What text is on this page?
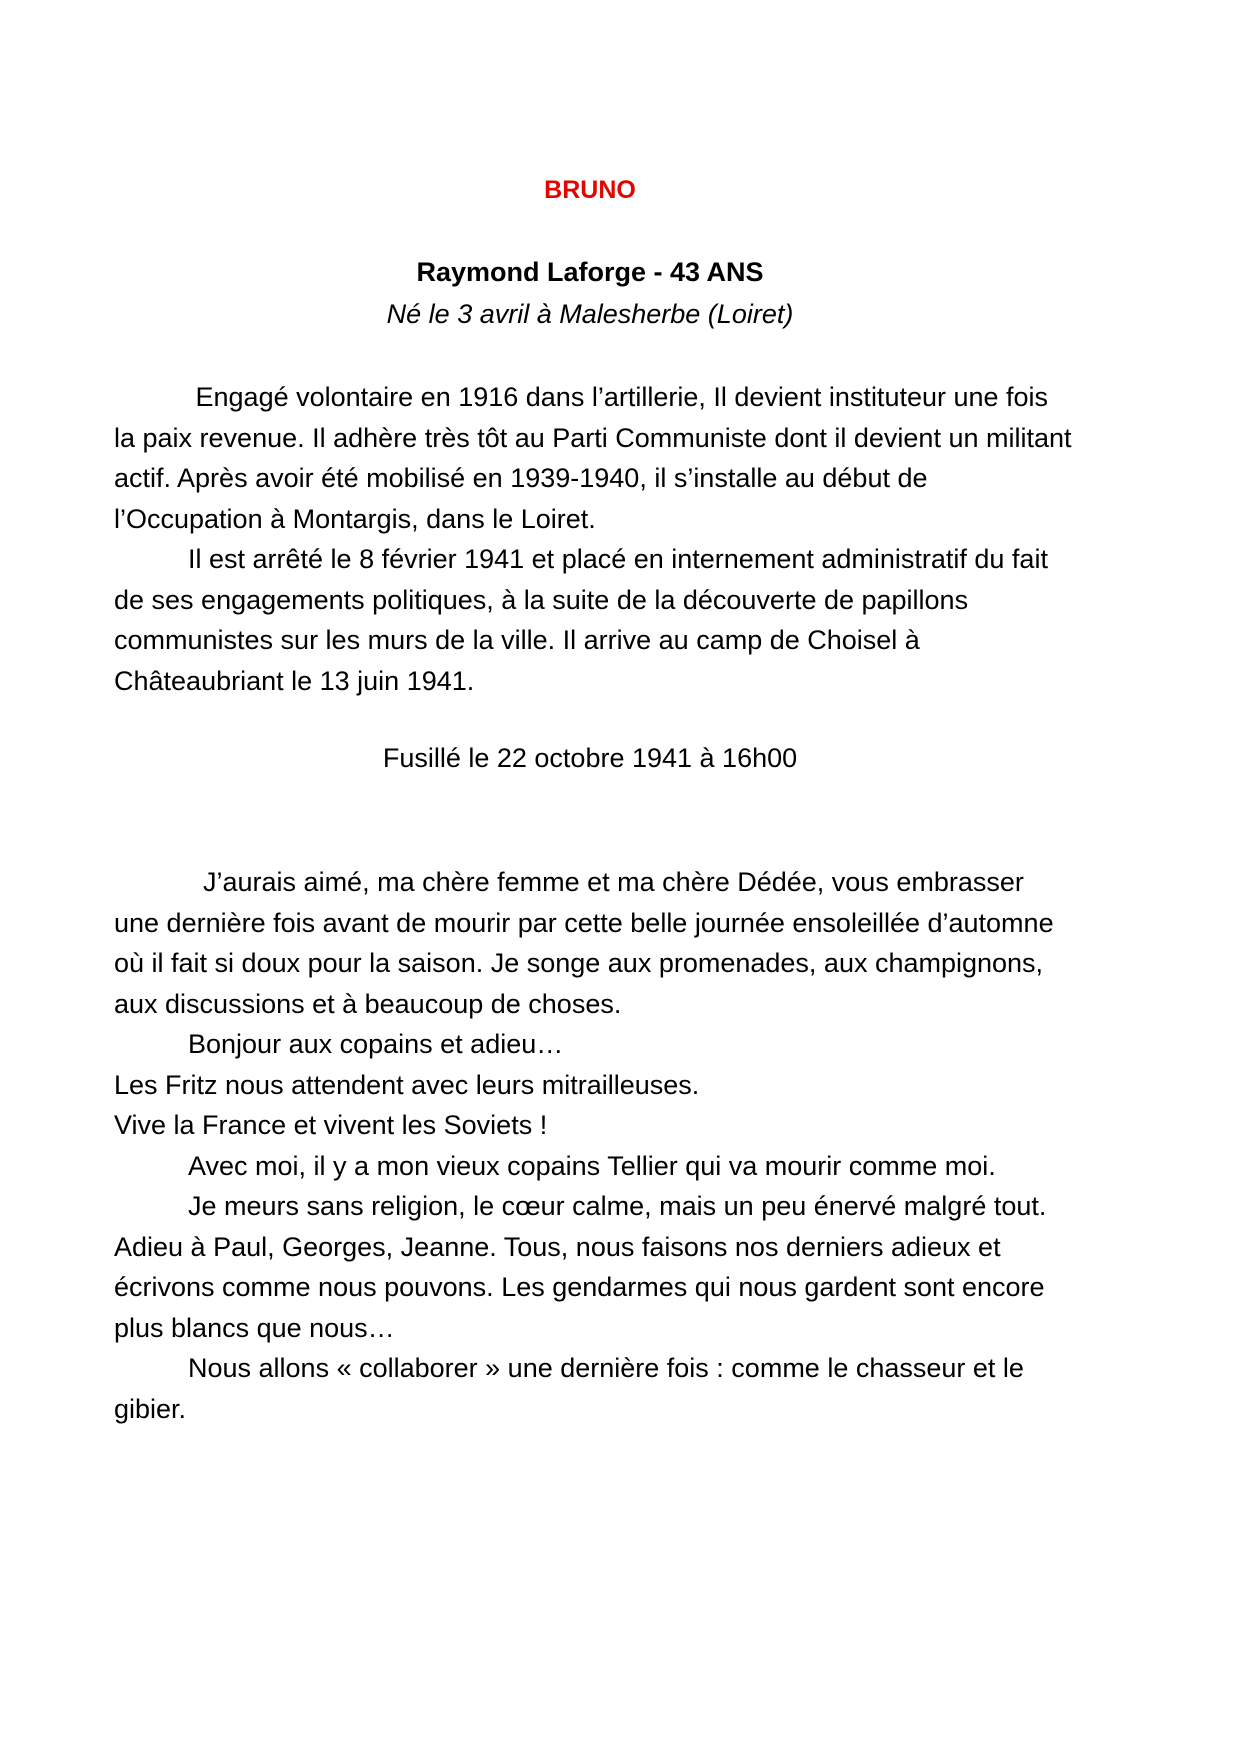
BRUNO

Raymond Laforge - 43 ANS

Né le 3 avril à Malesherbe (Loiret)

Engagé volontaire en 1916 dans l’artillerie, Il devient instituteur une fois la paix revenue. Il adhère très tôt au Parti Communiste dont il devient un militant actif. Après avoir été mobilisé en 1939-1940, il s’installe au début de l’Occupation à Montargis, dans le Loiret.

Il est arrêté le 8 février 1941 et placé en internement administratif du fait de ses engagements politiques, à la suite de la découverte de papillons communistes sur les murs de la ville. Il arrive au camp de Choisel à Châteaubriant le 13 juin 1941.

Fusillé le 22 octobre 1941 à 16h00

J’aurais aimé, ma chère femme et ma chère Dédée, vous embrasser une dernière fois avant de mourir par cette belle journée ensoleillée d’automne où il fait si doux pour la saison. Je songe aux promenades, aux champignons, aux discussions et à beaucoup de choses.

Bonjour aux copains et adieu…

Les Fritz nous attendent avec leurs mitrailleuses.

Vive la France et vivent les Soviets !

Avec moi, il y a mon vieux copains Tellier qui va mourir comme moi.

Je meurs sans religion, le cœur calme, mais un peu énervé malgré tout. Adieu à Paul, Georges, Jeanne. Tous, nous faisons nos derniers adieux et écrivons comme nous pouvons. Les gendarmes qui nous gardent sont encore plus blancs que nous…

Nous allons « collaborer » une dernière fois : comme le chasseur et le gibier.
